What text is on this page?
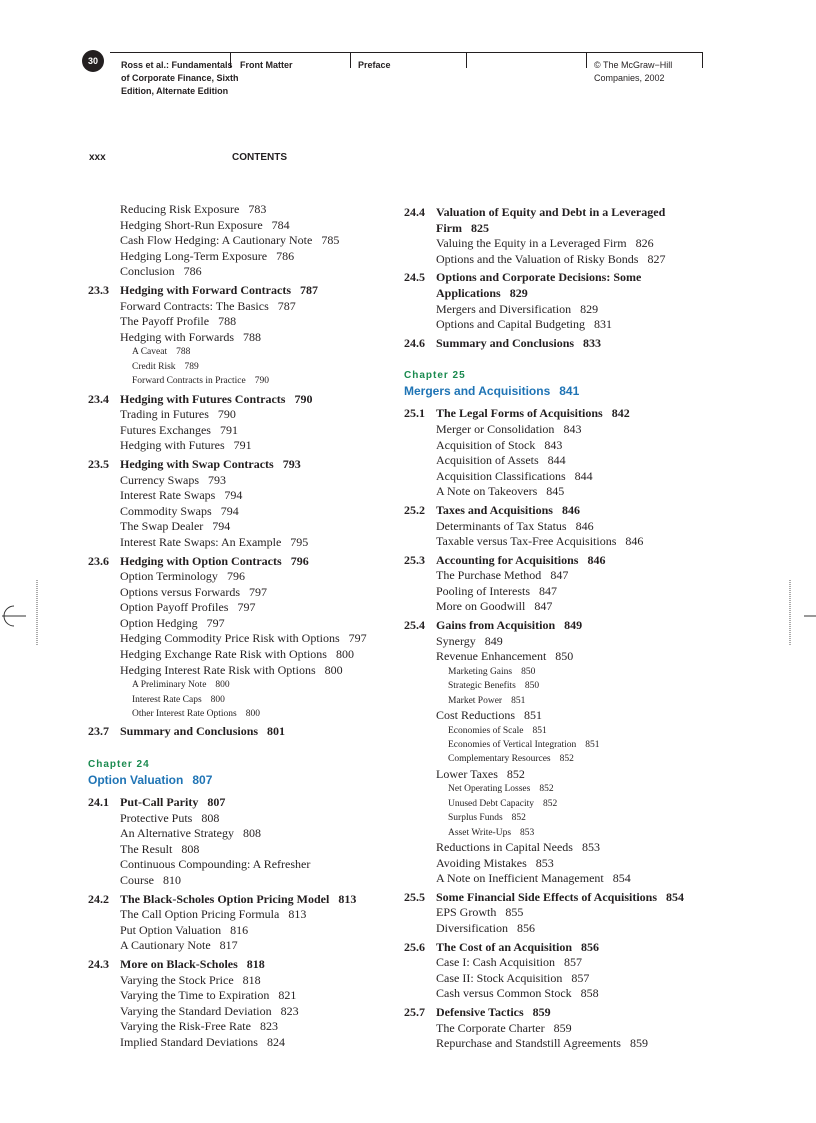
30	Ross et al.: Fundamentals
of Corporate Finance, Sixth
Edition, Alternate Edition
Front Matter	Preface	© The McGraw−Hill
Companies, 2002
xxx	CONTENTS
Reducing Risk Exposure 783
Hedging Short-Run Exposure 784
Cash Flow Hedging: A Cautionary Note 785
Hedging Long-Term Exposure 786
Conclusion 786
23.3 Hedging with Forward Contracts 787
Forward Contracts: The Basics 787
The Payoff Profile 788
Hedging with Forwards 788
A Caveat 788
Credit Risk 789
Forward Contracts in Practice 790
23.4 Hedging with Futures Contracts 790
Trading in Futures 790
Futures Exchanges 791
Hedging with Futures 791
23.5 Hedging with Swap Contracts 793
Currency Swaps 793
Interest Rate Swaps 794
Commodity Swaps 794
The Swap Dealer 794
Interest Rate Swaps: An Example 795
23.6 Hedging with Option Contracts 796
Option Terminology 796
Options versus Forwards 797
Option Payoff Profiles 797
Option Hedging 797
Hedging Commodity Price Risk with Options 797
Hedging Exchange Rate Risk with Options 800
Hedging Interest Rate Risk with Options 800
A Preliminary Note 800
Interest Rate Caps 800
Other Interest Rate Options 800
23.7 Summary and Conclusions 801
Chapter 24
Option Valuation 807
24.1 Put-Call Parity 807
Protective Puts 808
An Alternative Strategy 808
The Result 808
Continuous Compounding: A Refresher
Course 810
24.2 The Black-Scholes Option Pricing Model 813
The Call Option Pricing Formula 813
Put Option Valuation 816
A Cautionary Note 817
24.3 More on Black-Scholes 818
Varying the Stock Price 818
Varying the Time to Expiration 821
Varying the Standard Deviation 823
Varying the Risk-Free Rate 823
Implied Standard Deviations 824
24.4 Valuation of Equity and Debt in a Leveraged
Firm 825
Valuing the Equity in a Leveraged Firm 826
Options and the Valuation of Risky Bonds 827
24.5 Options and Corporate Decisions: Some
Applications 829
Mergers and Diversification 829
Options and Capital Budgeting 831
24.6 Summary and Conclusions 833
Chapter 25
Mergers and Acquisitions 841
25.1 The Legal Forms of Acquisitions 842
Merger or Consolidation 843
Acquisition of Stock 843
Acquisition of Assets 844
Acquisition Classifications 844
A Note on Takeovers 845
25.2 Taxes and Acquisitions 846
Determinants of Tax Status 846
Taxable versus Tax-Free Acquisitions 846
25.3 Accounting for Acquisitions 846
The Purchase Method 847
Pooling of Interests 847
More on Goodwill 847
25.4 Gains from Acquisition 849
Synergy 849
Revenue Enhancement 850
Marketing Gains 850
Strategic Benefits 850
Market Power 851
Cost Reductions 851
Economies of Scale 851
Economies of Vertical Integration 851
Complementary Resources 852
Lower Taxes 852
Net Operating Losses 852
Unused Debt Capacity 852
Surplus Funds 852
Asset Write-Ups 853
Reductions in Capital Needs 853
Avoiding Mistakes 853
A Note on Inefficient Management 854
25.5 Some Financial Side Effects of Acquisitions 854
EPS Growth 855
Diversification 856
25.6 The Cost of an Acquisition 856
Case I: Cash Acquisition 857
Case II: Stock Acquisition 857
Cash versus Common Stock 858
25.7 Defensive Tactics 859
The Corporate Charter 859
Repurchase and Standstill Agreements 859
